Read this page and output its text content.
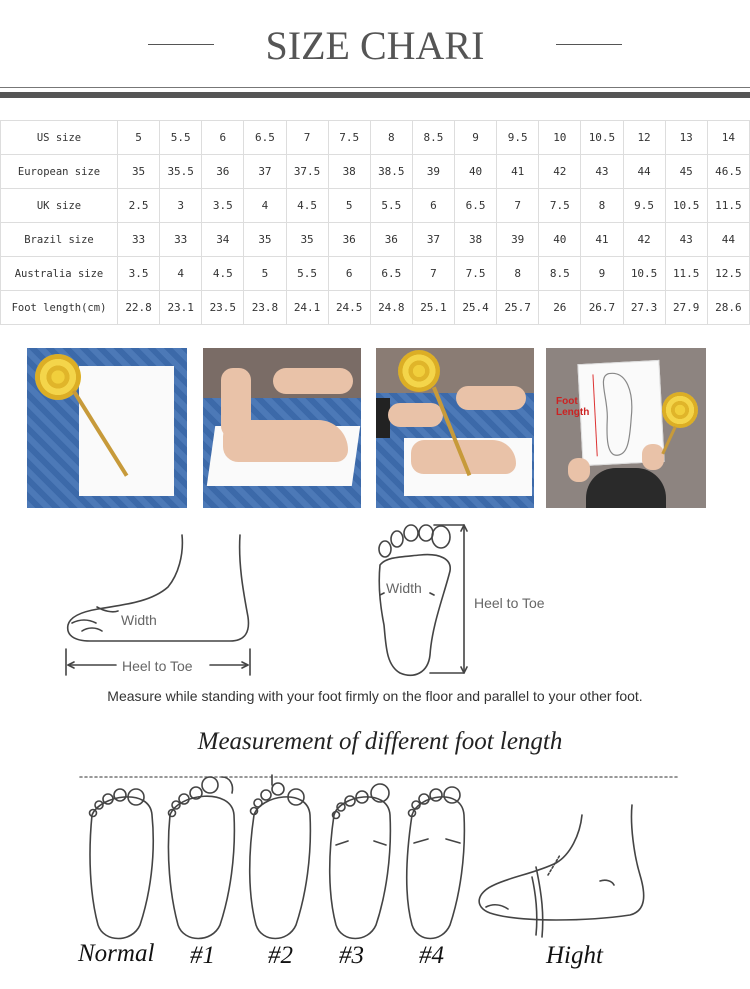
SIZE CHARI
US size	5	5.5	6	6.5	7	7.5	8	8.5	9	9.5	10	10.5	12	13	14
European size	35	35.5	36	37	37.5	38	38.5	39	40	41	42	43	44	45	46.5
UK size	2.5	3	3.5	4	4.5	5	5.5	6	6.5	7	7.5	8	9.5	10.5	11.5
Brazil size	33	33	34	35	35	36	36	37	38	39	40	41	42	43	44
Australia size	3.5	4	4.5	5	5.5	6	6.5	7	7.5	8	8.5	9	10.5	11.5	12.5
Foot length(cm)	22.8	23.1	23.5	23.8	24.1	24.5	24.8	25.1	25.4	25.7	26	26.7	27.3	27.9	28.6
Foot Length
Width
Heel to Toe
Width
Heel to Toe
Measure while standing with your foot firmly on the floor and parallel to your other foot.
Measurement of different foot length
Normal #1 #2 #3 #4	Hight
